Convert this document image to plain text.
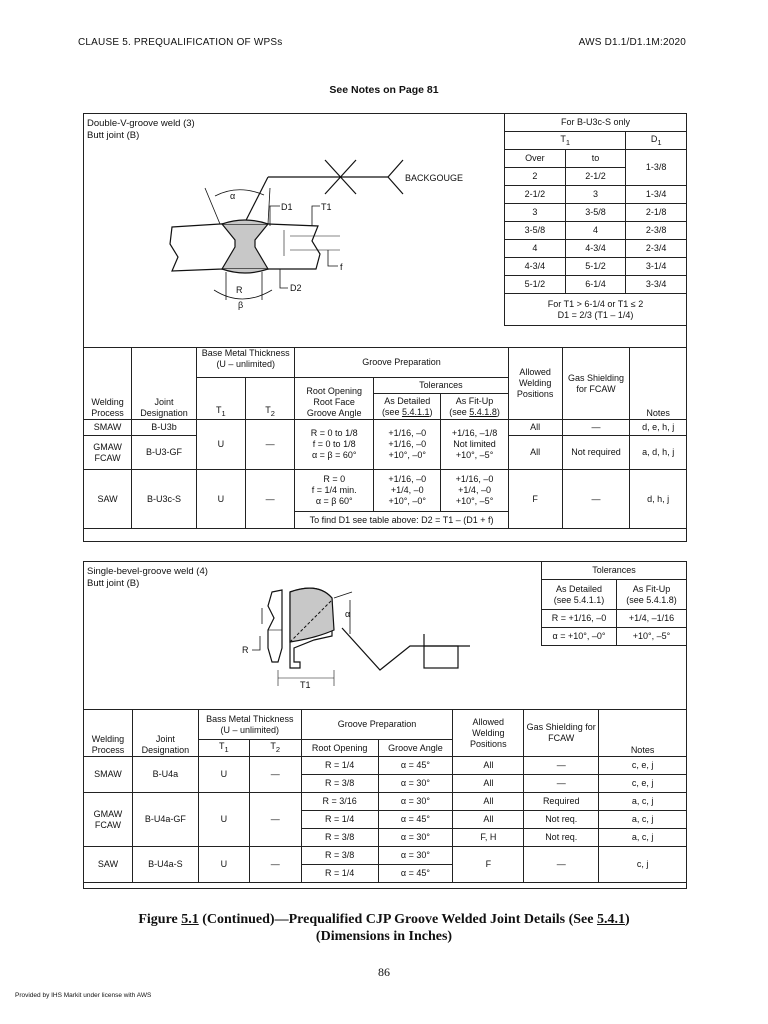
CLAUSE 5. PREQUALIFICATION OF WPSs	AWS D1.1/D1.1M:2020
See Notes on Page 81
Double-V-groove weld (3)
Butt joint (B)
BACKGOUGE
α
D1	T1
f
D2
R
β
For B-U3c-S only		
$T_1$		$D_1$
Over	to	1-3/8
2	2-1/2	
2-1/2	3	1-3/4
3	3-5/8	2-1/8
3-5/8	4	2-3/8
4	4-3/4	2-3/4
4-3/4	5-1/2	3-1/4
5-1/2	6-1/4	3-3/4
For T1 > 6-1/4 or T1 ≤ 2
D1 = 2/3 (T1 – 1/4)		
Welding
Process	Joint
Designation	Base Metal Thickness (U – unlimited)		Groove Preparation			Allowed Welding Positions	Gas Shielding for FCAW	Notes
		$T_1$	$T_2$	Root Opening
Root Face
Groove Angle	Tolerances				
					As Detailed
(see 5.4.1.1)	As Fit-Up
(see 5.4.1.8)			
SMAW	B-U3b	U	—	R = 0 to 1/8
f = 0 to 1/8
α = β = 60°	+1/16, –0
+1/16, –0
+10°, –0°	+1/16, –1/8
Not limited
+10°, –5°	All	—	d, e, h, j
GMAW
FCAW	B-U3-GF						All	Not required	a, d, h, j
SAW	B-U3c-S	U	—	R = 0
f = 1/4 min.
α = β 60°	+1/16, –0
+1/4, –0
+10°, –0°	+1/16, –0
+1/4, –0
+10°, –5°	F	—	d, h, j
				To find D1 see table above: D2 = T1 – (D1 + f)					
Single-bevel-groove weld (4)
Butt joint (B)
R
α
T1
Tolerances	
As Detailed
(see 5.4.1.1)	As Fit-Up
(see 5.4.1.8)
R = +1/16, –0	+1/4, –1/16
α = +10°, –0°	+10°, –5°
Welding
Process	Joint
Designation	Bass Metal Thickness (U – unlimited)		Groove Preparation		Allowed Welding Positions	Gas Shielding for FCAW	Notes
		$T_1$	$T_2$	Root Opening	Groove Angle			
SMAW	B-U4a	U	—	R = 1/4	α = 45°	All	—	c, e, j
				R = 3/8	α = 30°	All	—	c, e, j
GMAW
FCAW	B-U4a-GF	U	—	R = 3/16	α = 30°	All	Required	a, c, j
				R = 1/4	α = 45°	All	Not req.	a, c, j
				R = 3/8	α = 30°	F, H	Not req.	a, c, j
SAW	B-U4a-S	U	—	R = 3/8	α = 30°	F	—	c, j
				R = 1/4	α = 45°			
Figure 5.1 (Continued)—Prequalified CJP Groove Welded Joint Details (See 5.4.1)
(Dimensions in Inches)
86
Provided by IHS Markit under license with AWS
